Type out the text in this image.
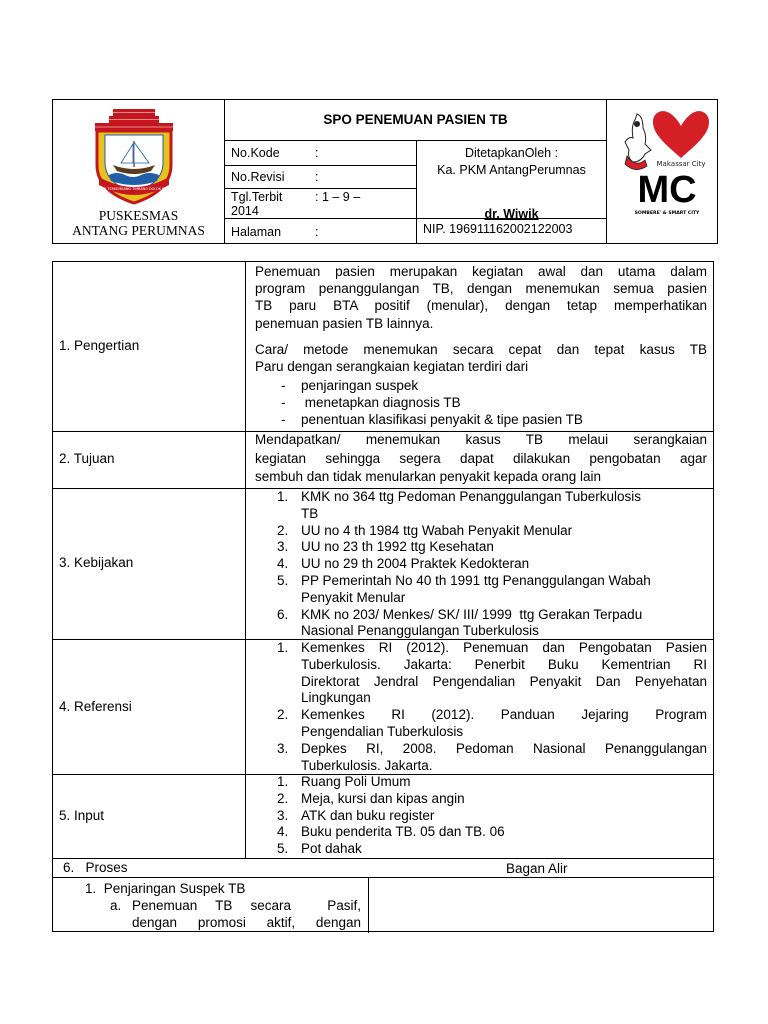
TERJALI LAYAR TERKEMBANG TIMBANG DOLOK KUAH KEPADA
PUSKESMAS
ANTANG PERUMNAS
SPO PENEMUAN PASIEN TB
No.Kode	:
No.Revisi :
Tgl.Terbit	: 1 – 9 –
2014
Halaman	:
DitetapkanOleh :
Ka. PKM AntangPerumnas
dr. Wiwik
NIP. 196911162002122003
Makassar City
MC
SOMBERE' & SMART CITY
1. Pengertian
Penemuan pasien merupakan kegiatan awal dan utama dalam
program penanggulangan TB, dengan menemukan semua pasien
TB paru BTA positif (menular), dengan tetap memperhatikan
penemuan pasien TB lainnya.
Cara/ metode menemukan secara cepat dan tepat kasus TB
Paru dengan serangkaian kegiatan terdiri dari
- penjaringan suspek
- menetapkan diagnosis TB
- penentuan klasifikasi penyakit & tipe pasien TB
2. Tujuan
Mendapatkan/  menemukan  kasus  TB  melaui  serangkaian
kegiatan sehingga segera dapat dilakukan pengobatan agar
sembuh dan tidak menularkan penyakit kepada orang lain
3. Kebijakan
1. KMK no 364 ttg Pedoman Penanggulangan Tuberkulosis
TB
2. UU no 4 th 1984 ttg Wabah Penyakit Menular
3. UU no 23 th 1992 ttg Kesehatan
4. UU no 29 th 2004 Praktek Kedokteran
5. PP Pemerintah No 40 th 1991 ttg Penanggulangan Wabah
Penyakit Menular
6. KMK no 203/ Menkes/ SK/ III/ 1999  ttg Gerakan Terpadu
Nasional Penanggulangan Tuberkulosis
4. Referensi
1. Kemenkes RI (2012). Penemuan dan Pengobatan Pasien
Tuberkulosis. Jakarta: Penerbit Buku Kementrian RI
Direktorat Jendral Pengendalian Penyakit Dan Penyehatan
Lingkungan
2. Kemenkes   RI   (2012).   Panduan   Jejaring   Program
Pengendalian Tuberkulosis
3. Depkes RI, 2008. Pedoman Nasional Penanggulangan
Tuberkulosis. Jakarta.
5. Input
1. Ruang Poli Umum
2. Meja, kursi dan kipas angin
3. ATK dan buku register
4. Buku penderita TB. 05 dan TB. 06
5. Pot dahak
6.   Proses	Bagan Alir
1.  Penjaringan Suspek TB
a. Penemuan  TB  secara    Pasif,
dengan  promosi  aktif,  dengan
